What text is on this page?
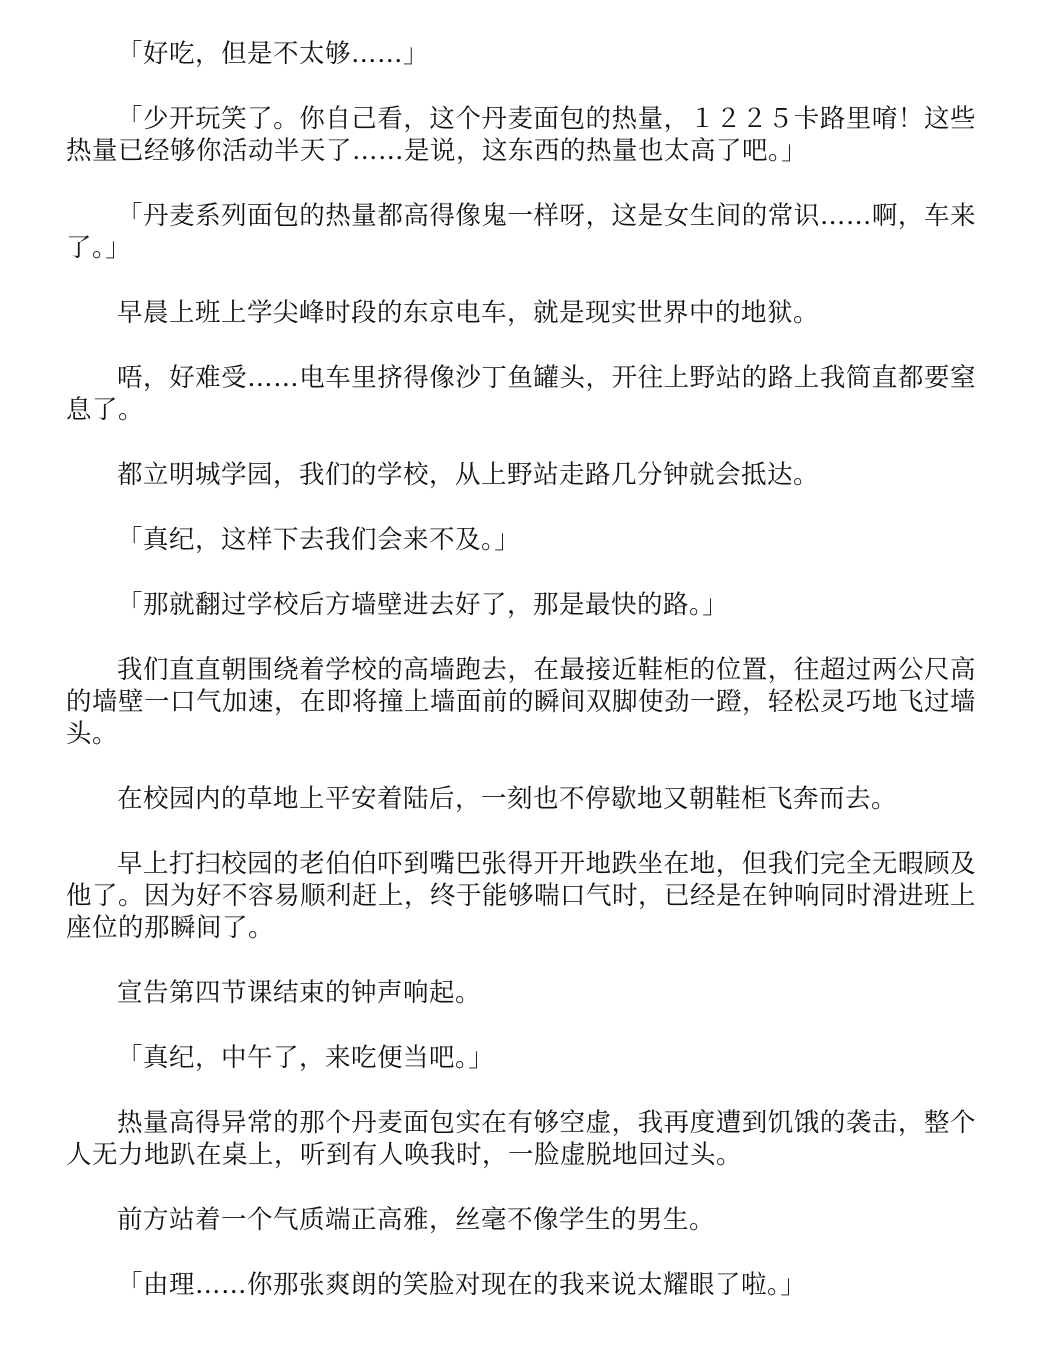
「好吃，但是不太够……」

「少开玩笑了。你自己看，这个丹麦面包的热量，１２２５卡路里唷！这些热量已经够你活动半天了……是说，这东西的热量也太高了吧。」

「丹麦系列面包的热量都高得像鬼一样呀，这是女生间的常识……啊，车来了。」

早晨上班上学尖峰时段的东京电车，就是现实世界中的地狱。

唔，好难受……电车里挤得像沙丁鱼罐头，开往上野站的路上我简直都要窒息了。

都立明城学园，我们的学校，从上野站走路几分钟就会抵达。

「真纪，这样下去我们会来不及。」

「那就翻过学校后方墙壁进去好了，那是最快的路。」

我们直直朝围绕着学校的高墙跑去，在最接近鞋柜的位置，往超过两公尺高的墙壁一口气加速，在即将撞上墙面前的瞬间双脚使劲一蹬，轻松灵巧地飞过墙头。

在校园内的草地上平安着陆后，一刻也不停歇地又朝鞋柜飞奔而去。

早上打扫校园的老伯伯吓到嘴巴张得开开地跌坐在地，但我们完全无暇顾及他了。因为好不容易顺利赶上，终于能够喘口气时，已经是在钟响同时滑进班上座位的那瞬间了。

宣告第四节课结束的钟声响起。

「真纪，中午了，来吃便当吧。」

热量高得异常的那个丹麦面包实在有够空虚，我再度遭到饥饿的袭击，整个人无力地趴在桌上，听到有人唤我时，一脸虚脱地回过头。

前方站着一个气质端正高雅，丝毫不像学生的男生。

「由理……你那张爽朗的笑脸对现在的我来说太耀眼了啦。」
